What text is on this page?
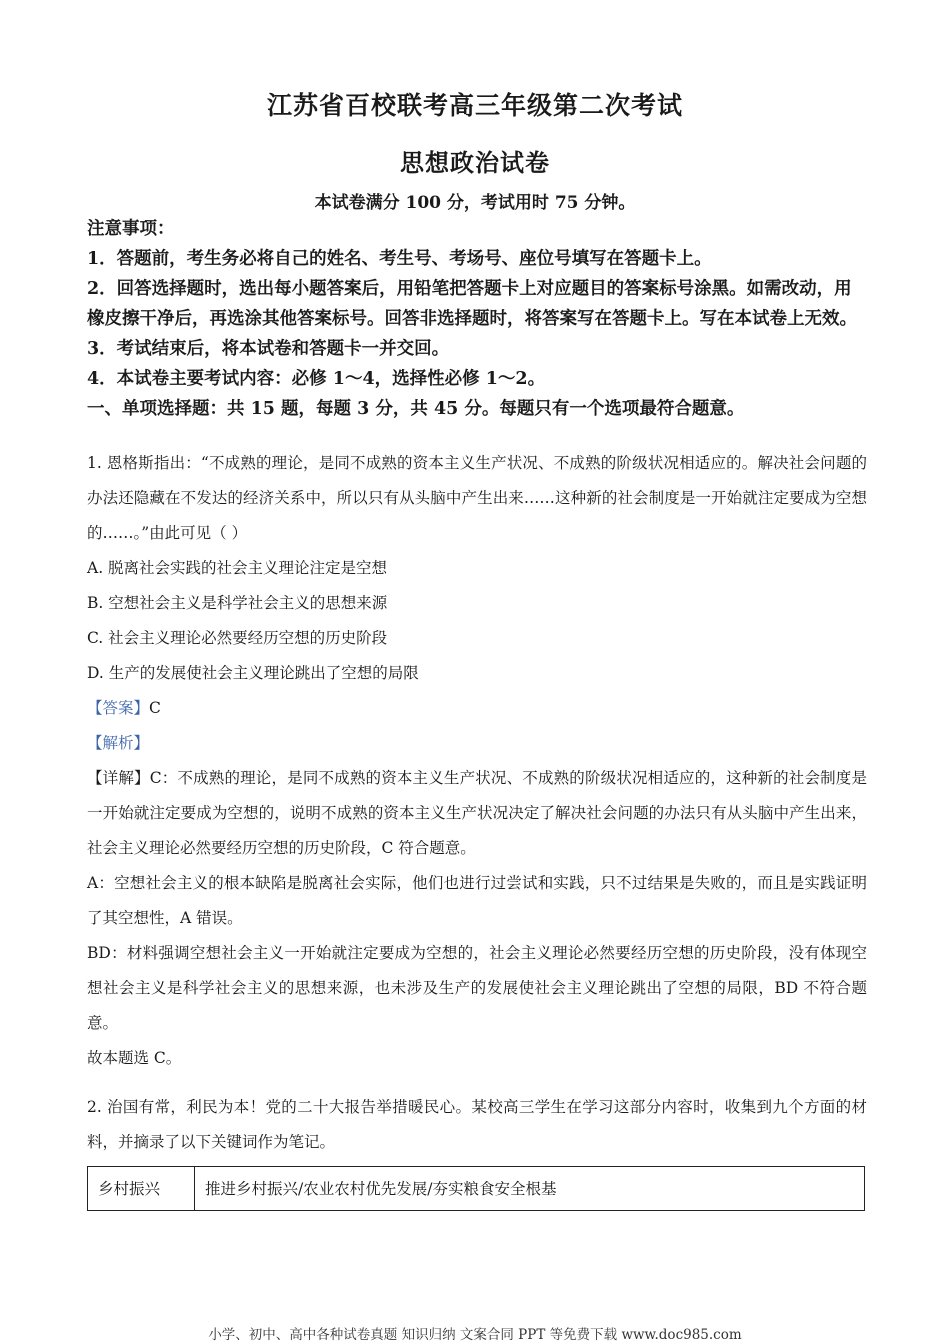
江苏省百校联考高三年级第二次考试
思想政治试卷
本试卷满分 100 分，考试用时 75 分钟。

注意事项：

1．答题前，考生务必将自己的姓名、考生号、考场号、座位号填写在答题卡上。

2．回答选择题时，选出每小题答案后，用铅笔把答题卡上对应题目的答案标号涂黑。如需改动，用橡皮擦干净后，再选涂其他答案标号。回答非选择题时，将答案写在答题卡上。写在本试卷上无效。

3．考试结束后，将本试卷和答题卡一并交回。

4．本试卷主要考试内容：必修 1～4，选择性必修 1～2。

一、单项选择题：共 15 题，每题 3 分，共 45 分。每题只有一个选项最符合题意。

1. 恩格斯指出：“不成熟的理论，是同不成熟的资本主义生产状况、不成熟的阶级状况相适应的。解决社会问题的办法还隐藏在不发达的经济关系中，所以只有从头脑中产生出来……这种新的社会制度是一开始就注定要成为空想的……。”由此可见（ ）

A. 脱离社会实践的社会主义理论注定是空想

B. 空想社会主义是科学社会主义的思想来源

C. 社会主义理论必然要经历空想的历史阶段

D. 生产的发展使社会主义理论跳出了空想的局限

【答案】C

【解析】

【详解】C：不成熟的理论，是同不成熟的资本主义生产状况、不成熟的阶级状况相适应的，这种新的社会制度是一开始就注定要成为空想的，说明不成熟的资本主义生产状况决定了解决社会问题的办法只有从头脑中产生出来，社会主义理论必然要经历空想的历史阶段，C 符合题意。

A：空想社会主义的根本缺陷是脱离社会实际，他们也进行过尝试和实践，只不过结果是失败的，而且是实践证明了其空想性，A 错误。

BD：材料强调空想社会主义一开始就注定要成为空想的，社会主义理论必然要经历空想的历史阶段，没有体现空想社会主义是科学社会主义的思想来源，也未涉及生产的发展使社会主义理论跳出了空想的局限，BD 不符合题意。

故本题选 C。

2. 治国有常，利民为本！党的二十大报告举措暖民心。某校高三学生在学习这部分内容时，收集到九个方面的材料，并摘录了以下关键词作为笔记。

乡村振兴	推进乡村振兴/农业农村优先发展/夯实粮食安全根基
小学、初中、高中各种试卷真题 知识归纳 文案合同 PPT 等免费下载 www.doc985.com
